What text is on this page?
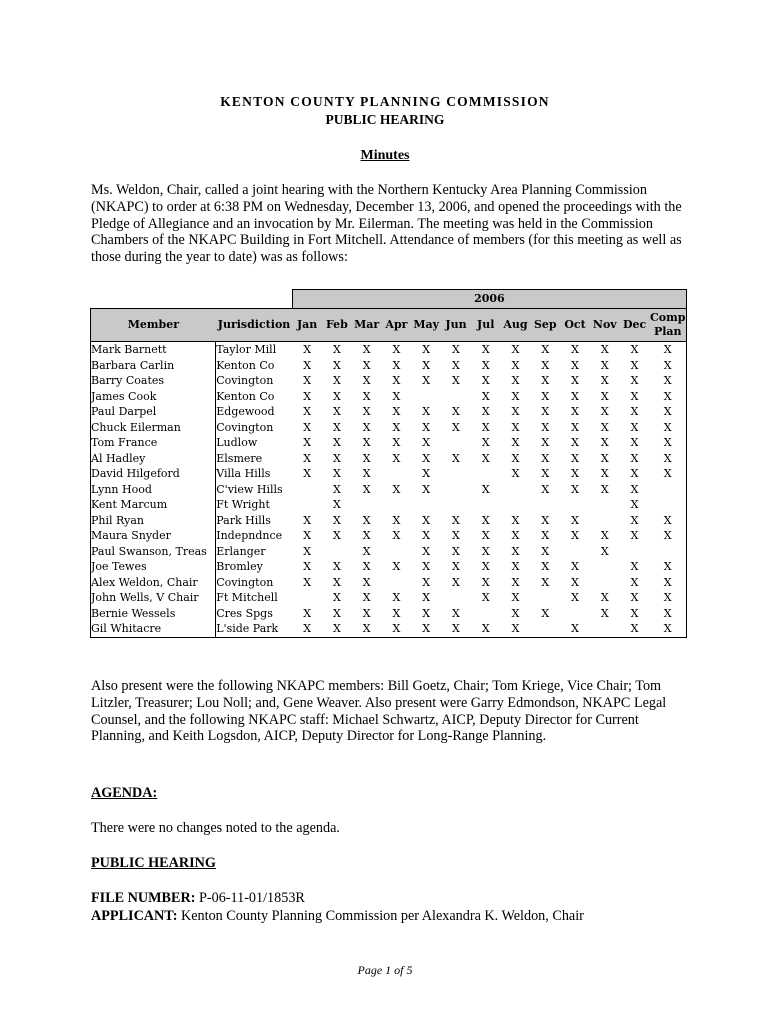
KENTON COUNTY PLANNING COMMISSION
PUBLIC HEARING
Minutes
Ms. Weldon, Chair, called a joint hearing with the Northern Kentucky Area Planning Commission (NKAPC) to order at 6:38 PM on Wednesday, December 13, 2006, and opened the proceedings with the Pledge of Allegiance and an invocation by Mr. Eilerman. The meeting was held in the Commission Chambers of the NKAPC Building in Fort Mitchell. Attendance of members (for this meeting as well as those during the year to date) was as follows:
		2006												
Member	Jurisdiction	Jan	Feb	Mar	Apr	May	Jun	Jul	Aug	Sep	Oct	Nov	Dec	Comp
Plan
Mark Barnett	Taylor Mill	X	X	X	X	X	X	X	X	X	X	X	X	X
Barbara Carlin	Kenton Co	X	X	X	X	X	X	X	X	X	X	X	X	X
Barry Coates	Covington	X	X	X	X	X	X	X	X	X	X	X	X	X
James Cook	Kenton Co	X	X	X	X			X	X	X	X	X	X	X
Paul Darpel	Edgewood	X	X	X	X	X	X	X	X	X	X	X	X	X
Chuck Eilerman	Covington	X	X	X	X	X	X	X	X	X	X	X	X	X
Tom France	Ludlow	X	X	X	X	X		X	X	X	X	X	X	X
Al Hadley	Elsmere	X	X	X	X	X	X	X	X	X	X	X	X	X
David Hilgeford	Villa Hills	X	X	X		X			X	X	X	X	X	X
Lynn Hood	C'view Hills		X	X	X	X		X		X	X	X	X	
Kent Marcum	Ft Wright		X										X	
Phil Ryan	Park Hills	X	X	X	X	X	X	X	X	X	X		X	X
Maura Snyder	Indepndnce	X	X	X	X	X	X	X	X	X	X	X	X	X
Paul Swanson, Treas	Erlanger	X		X		X	X	X	X	X		X		
Joe Tewes	Bromley	X	X	X	X	X	X	X	X	X	X		X	X
Alex Weldon, Chair	Covington	X	X	X		X	X	X	X	X	X		X	X
John Wells, V Chair	Ft Mitchell		X	X	X	X		X	X		X	X	X	X
Bernie Wessels	Cres Spgs	X	X	X	X	X	X		X	X		X	X	X
Gil Whitacre	L'side Park	X	X	X	X	X	X	X	X		X		X	X
Also present were the following NKAPC members: Bill Goetz, Chair; Tom Kriege, Vice Chair; Tom Litzler, Treasurer; Lou Noll; and, Gene Weaver. Also present were Garry Edmondson, NKAPC Legal Counsel, and the following NKAPC staff: Michael Schwartz, AICP, Deputy Director for Current Planning, and Keith Logsdon, AICP, Deputy Director for Long-Range Planning.
AGENDA:
There were no changes noted to the agenda.
PUBLIC HEARING
FILE NUMBER: P-06-11-01/1853R
APPLICANT: Kenton County Planning Commission per Alexandra K. Weldon, Chair
Page 1 of 5
